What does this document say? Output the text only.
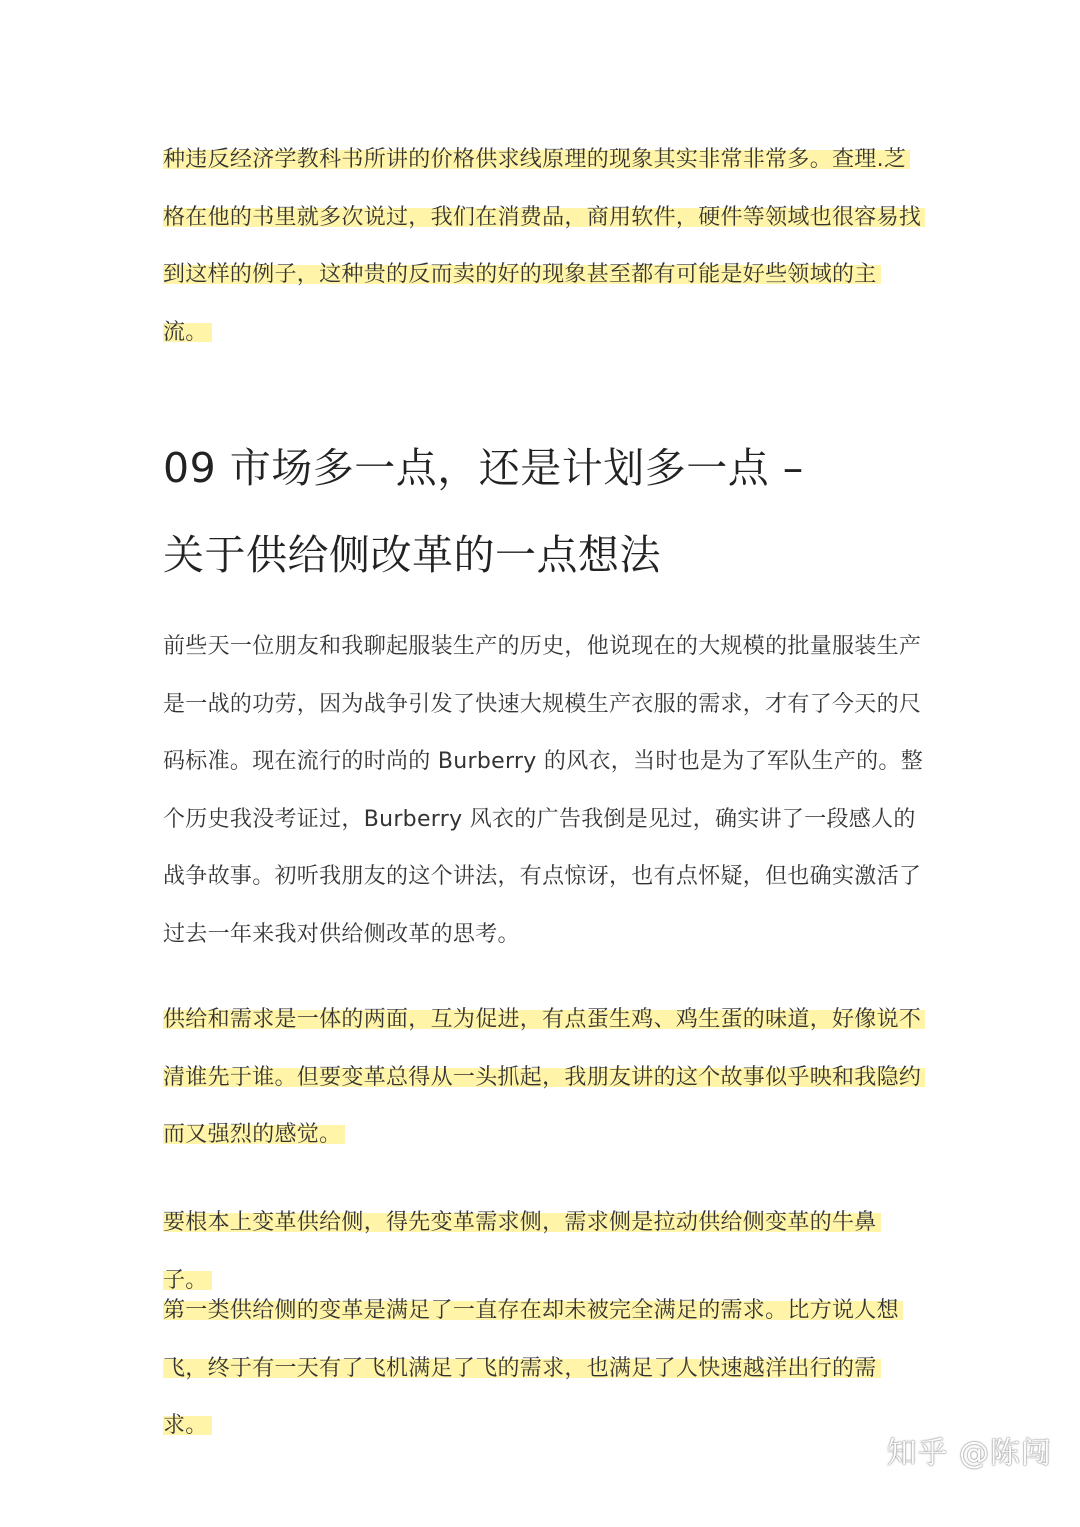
种违反经济学教科书所讲的价格供求线原理的现象其实非常非常多。查理.芝格在他的书里就多次说过，我们在消费品，商用软件，硬件等领域也很容易找到这样的例子，这种贵的反而卖的好的现象甚至都有可能是好些领域的主流。

09 市场多一点，还是计划多一点 –
关于供给侧改革的一点想法

前些天一位朋友和我聊起服装生产的历史，他说现在的大规模的批量服装生产是一战的功劳，因为战争引发了快速大规模生产衣服的需求，才有了今天的尺码标准。现在流行的时尚的 Burberry 的风衣，当时也是为了军队生产的。整个历史我没考证过，Burberry 风衣的广告我倒是见过，确实讲了一段感人的战争故事。初听我朋友的这个讲法，有点惊讶，也有点怀疑，但也确实激活了过去一年来我对供给侧改革的思考。

供给和需求是一体的两面，互为促进，有点蛋生鸡、鸡生蛋的味道，好像说不清谁先于谁。但要变革总得从一头抓起，我朋友讲的这个故事似乎映和我隐约而又强烈的感觉。

要根本上变革供给侧，得先变革需求侧，需求侧是拉动供给侧变革的牛鼻子。

第一类供给侧的变革是满足了一直存在却未被完全满足的需求。比方说人想飞，终于有一天有了飞机满足了飞的需求，也满足了人快速越洋出行的需求。

知乎 @陈闯
